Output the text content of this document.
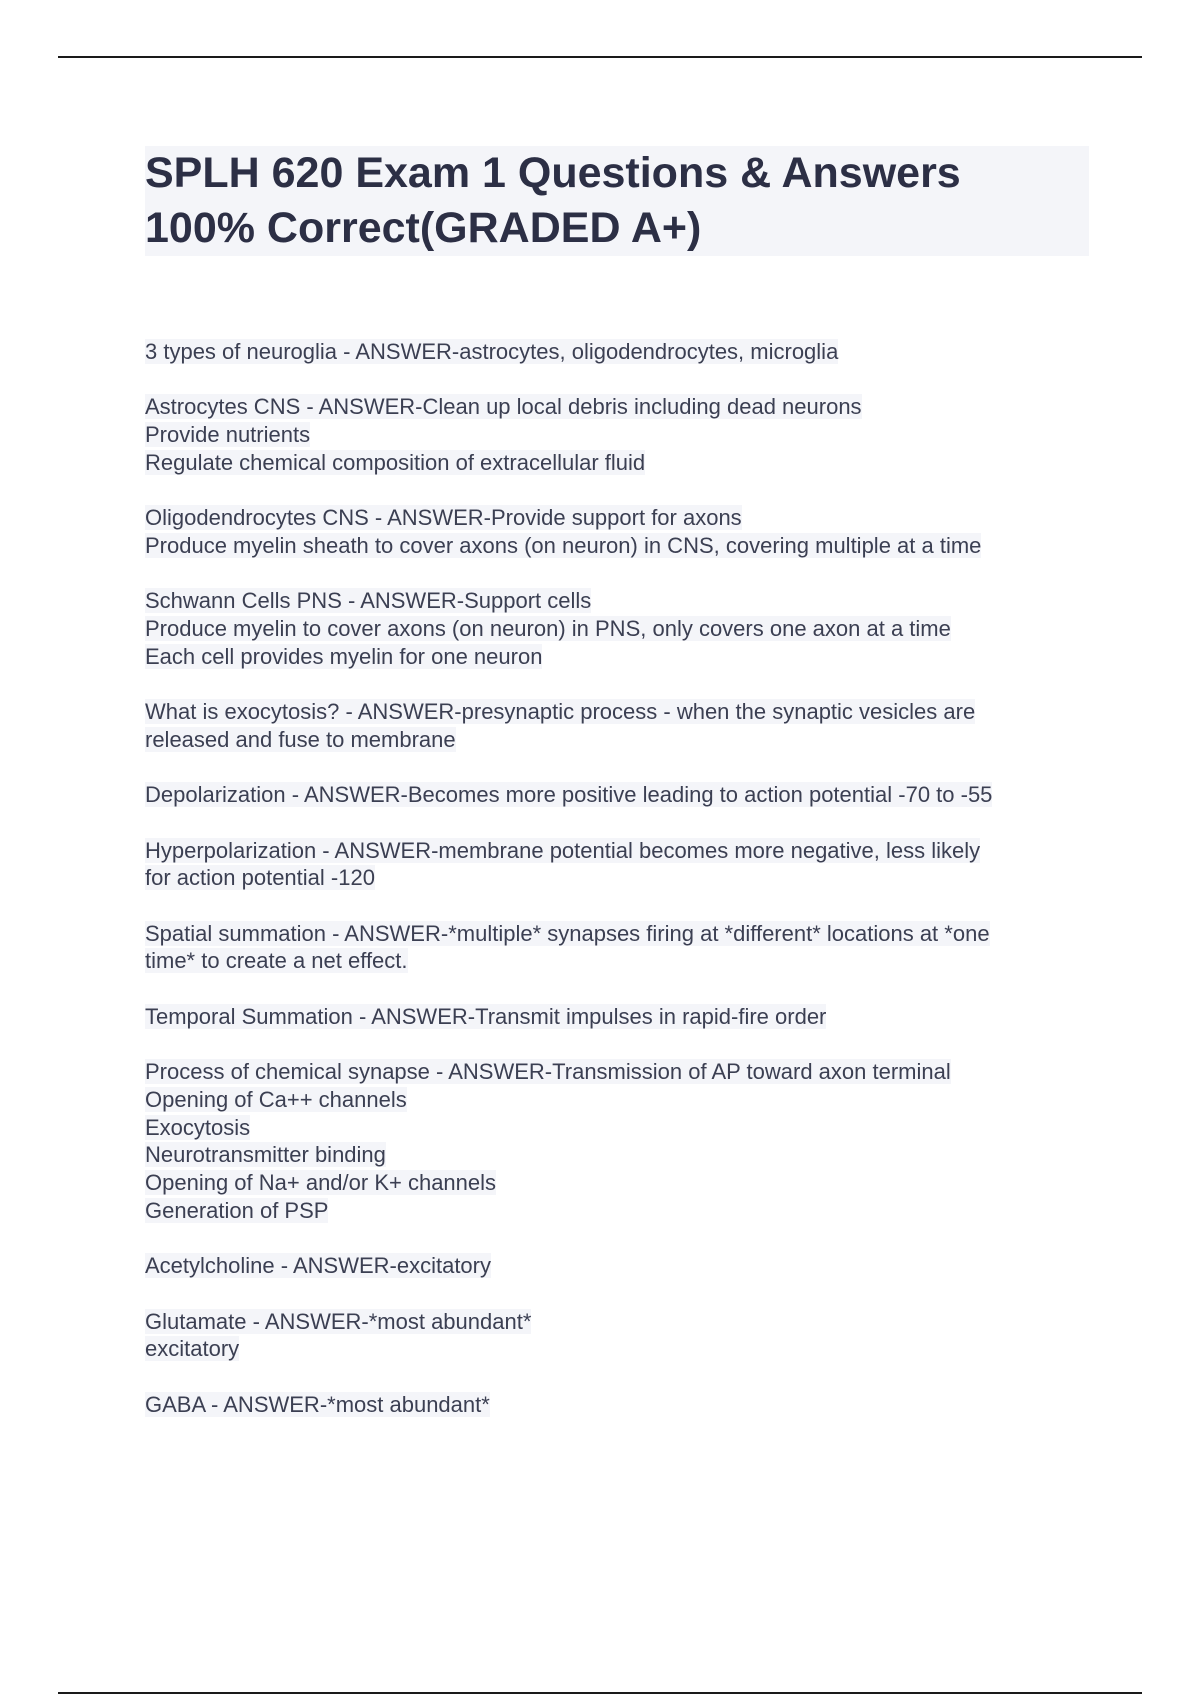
SPLH 620 Exam 1 Questions & Answers
100% Correct(GRADED A+)
3 types of neuroglia - ANSWER-astrocytes, oligodendrocytes, microglia
Astrocytes CNS - ANSWER-Clean up local debris including dead neurons
Provide nutrients
Regulate chemical composition of extracellular fluid
Oligodendrocytes CNS - ANSWER-Provide support for axons
Produce myelin sheath to cover axons (on neuron) in CNS, covering multiple at a time
Schwann Cells PNS - ANSWER-Support cells
Produce myelin to cover axons (on neuron) in PNS, only covers one axon at a time
Each cell provides myelin for one neuron
What is exocytosis? - ANSWER-presynaptic process - when the synaptic vesicles are
released and fuse to membrane
Depolarization - ANSWER-Becomes more positive leading to action potential -70 to -55
Hyperpolarization - ANSWER-membrane potential becomes more negative, less likely
for action potential -120
Spatial summation - ANSWER-*multiple* synapses firing at *different* locations at *one
time* to create a net effect.
Temporal Summation - ANSWER-Transmit impulses in rapid-fire order
Process of chemical synapse - ANSWER-Transmission of AP toward axon terminal
Opening of Ca++ channels
Exocytosis
Neurotransmitter binding
Opening of Na+ and/or K+ channels
Generation of PSP
Acetylcholine - ANSWER-excitatory
Glutamate - ANSWER-*most abundant*
excitatory
GABA - ANSWER-*most abundant*
